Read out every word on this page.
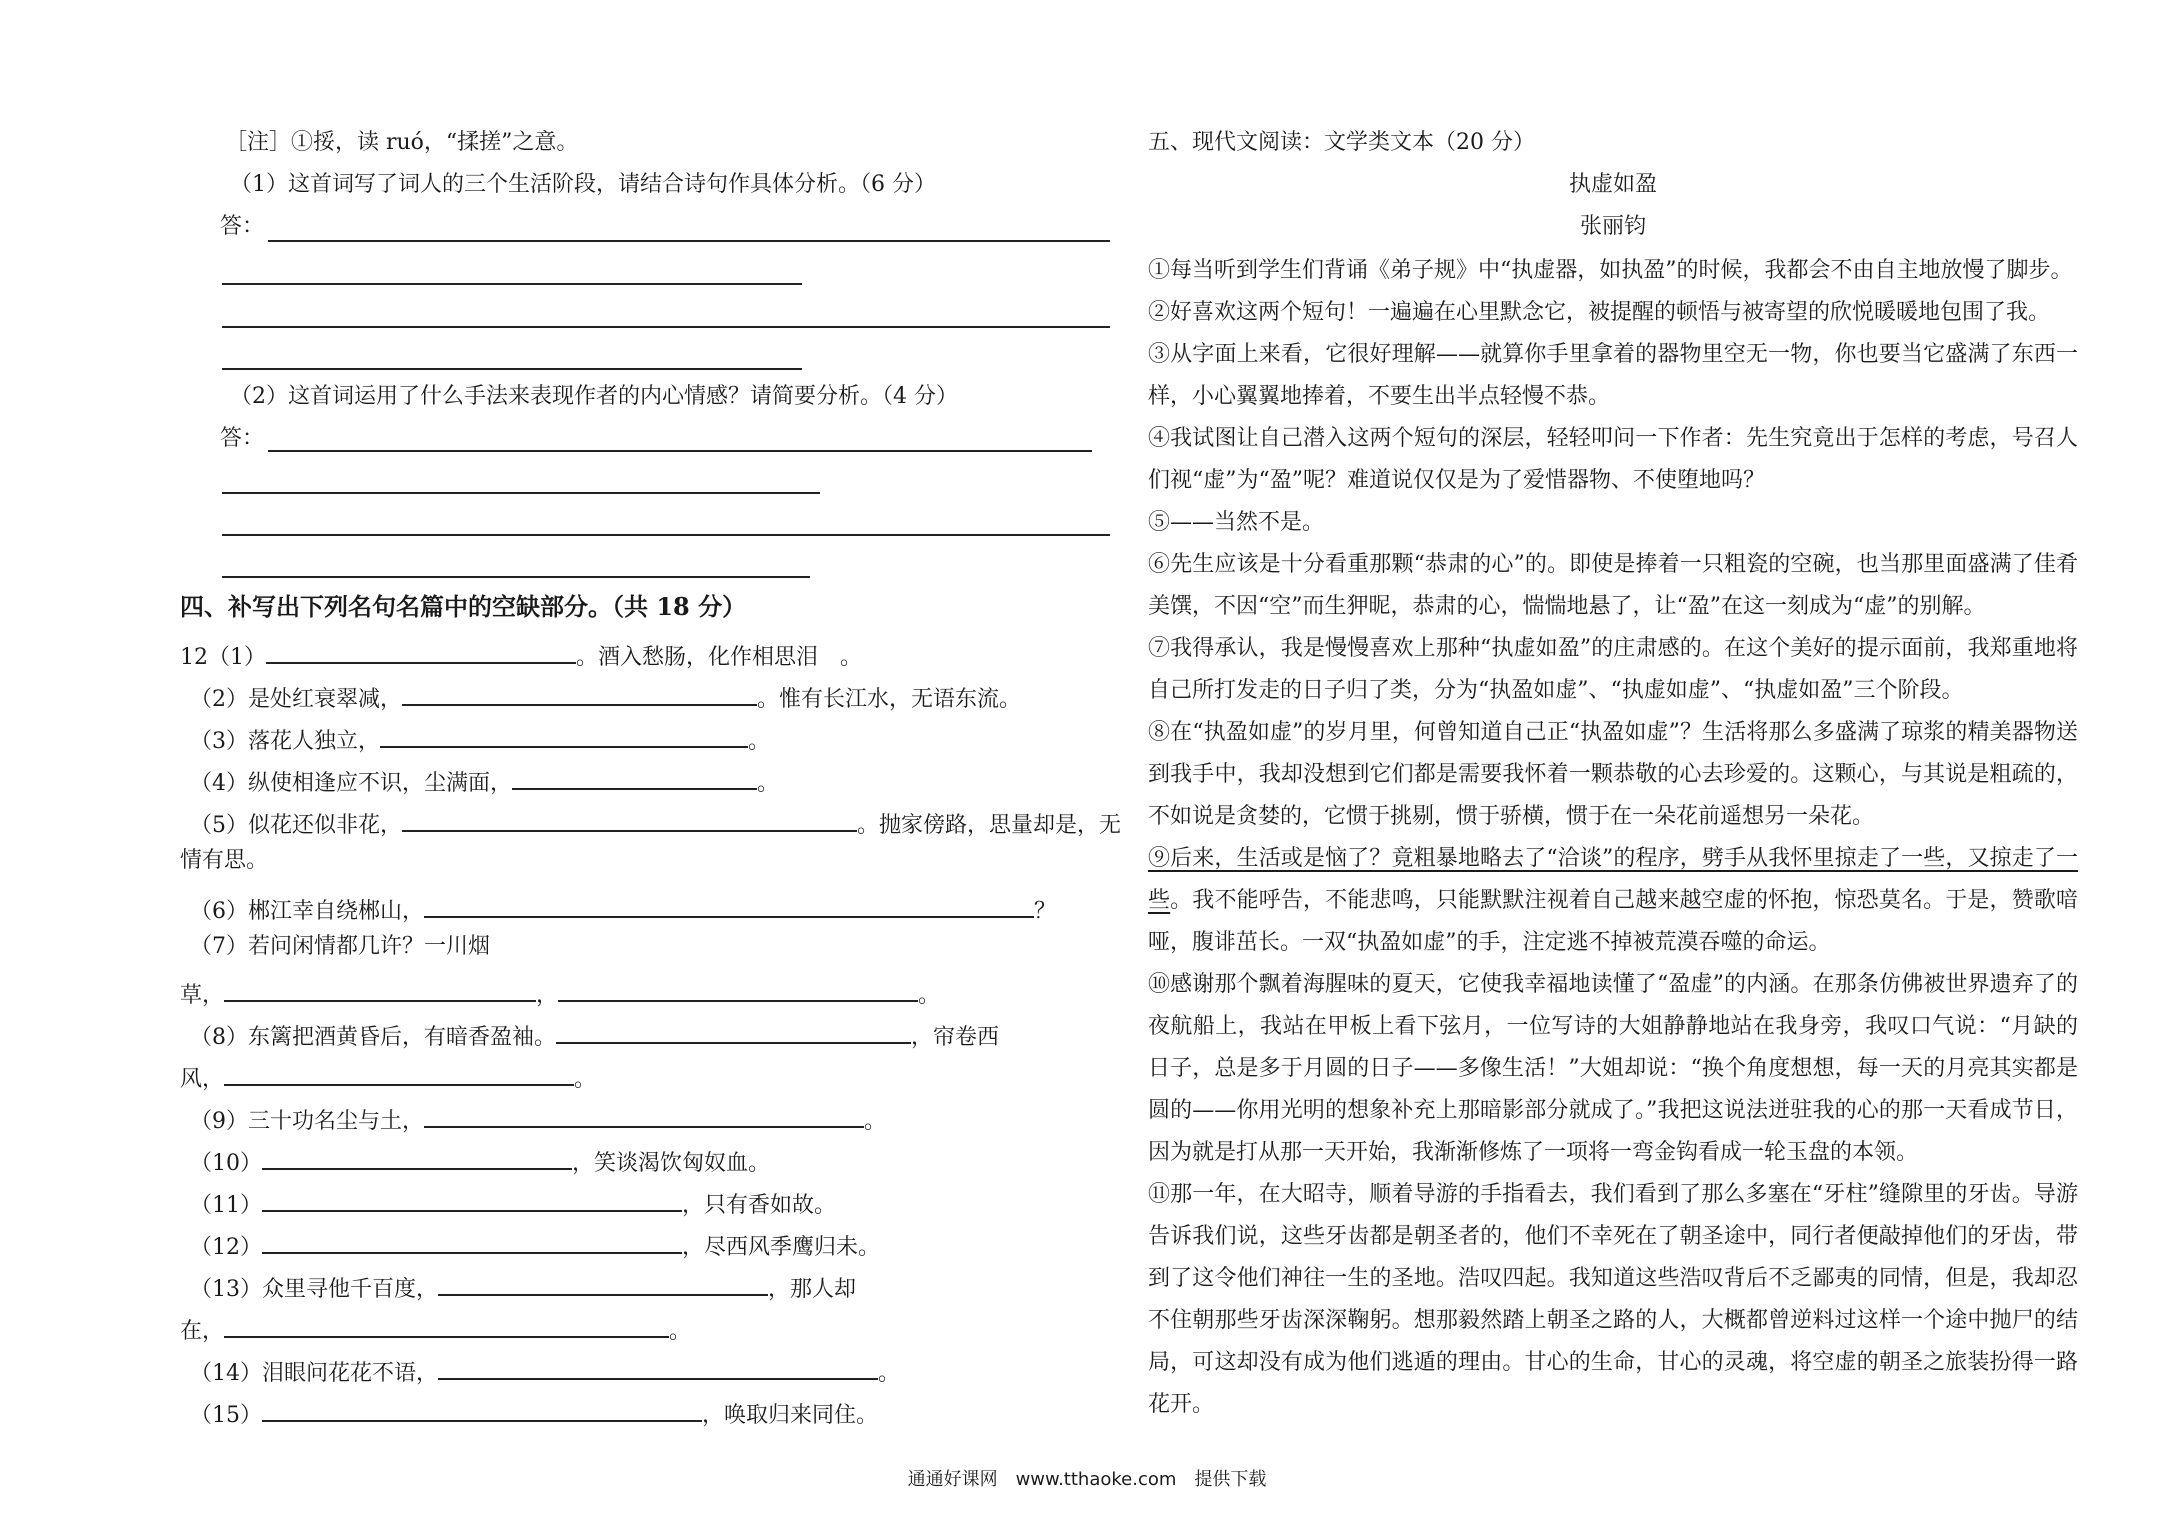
［注］①挼，读 ruó，“揉搓”之意。
（1）这首词写了词人的三个生活阶段，请结合诗句作具体分析。（6 分）
答：
（2）这首词运用了什么手法来表现作者的内心情感？请简要分析。（4 分）
答：
四、补写出下列名句名篇中的空缺部分。（共 18 分）
12（1）	。酒入愁肠，化作相思泪　。
（2）是处红衰翠减，	。惟有长江水，无语东流。
（3）落花人独立，	。
（4）纵使相逢应不识，尘满面，	。
（5）似花还似非花，	。抛家傍路，思量却是，无
情有思。
（6）郴江幸自绕郴山，	？
（7）若问闲情都几许？一川烟
草，	，	。
（8）东篱把酒黄昏后，有暗香盈袖。	，帘卷西
风，	。
（9）三十功名尘与土，	。
（10）	，笑谈渴饮匈奴血。
（11）	，只有香如故。
（12）	，尽西风季鹰归未。
（13）众里寻他千百度，	，那人却
在，	。
（14）泪眼问花花不语，	。
（15）	，唤取归来同住。
五、现代文阅读：文学类文本（20 分）
执虚如盈
张丽钧
①每当听到学生们背诵《弟子规》中“执虚器，如执盈”的时候，我都会不由自主地放慢了脚步。
②好喜欢这两个短句！一遍遍在心里默念它，被提醒的顿悟与被寄望的欣悦暖暖地包围了我。
③从字面上来看，它很好理解——就算你手里拿着的器物里空无一物，你也要当它盛满了东西一样，小心翼翼地捧着，不要生出半点轻慢不恭。
④我试图让自己潜入这两个短句的深层，轻轻叩问一下作者：先生究竟出于怎样的考虑，号召人们视“虚”为“盈”呢？难道说仅仅是为了爱惜器物、不使堕地吗？
⑤——当然不是。
⑥先生应该是十分看重那颗“恭肃的心”的。即使是捧着一只粗瓷的空碗，也当那里面盛满了佳肴美馔，不因“空”而生狎昵，恭肃的心，惴惴地悬了，让“盈”在这一刻成为“虚”的别解。
⑦我得承认，我是慢慢喜欢上那种“执虚如盈”的庄肃感的。在这个美好的提示面前，我郑重地将自己所打发走的日子归了类，分为“执盈如虚”、“执虚如虚”、“执虚如盈”三个阶段。
⑧在“执盈如虚”的岁月里，何曾知道自己正“执盈如虚”？生活将那么多盛满了琼浆的精美器物送到我手中，我却没想到它们都是需要我怀着一颗恭敬的心去珍爱的。这颗心，与其说是粗疏的，不如说是贪婪的，它惯于挑剔，惯于骄横，惯于在一朵花前遥想另一朵花。
⑨后来，生活或是恼了？竟粗暴地略去了“洽谈”的程序，劈手从我怀里掠走了一些，又掠走了一些。我不能呼告，不能悲鸣，只能默默注视着自己越来越空虚的怀抱，惊恐莫名。于是，赞歌喑哑，腹诽茁长。一双“执盈如虚”的手，注定逃不掉被荒漠吞噬的命运。
⑩感谢那个飘着海腥味的夏天，它使我幸福地读懂了“盈虚”的内涵。在那条仿佛被世界遗弃了的夜航船上，我站在甲板上看下弦月，一位写诗的大姐静静地站在我身旁，我叹口气说：“月缺的日子，总是多于月圆的日子——多像生活！”大姐却说：“换个角度想想，每一天的月亮其实都是圆的——你用光明的想象补充上那暗影部分就成了。”我把这说法迸驻我的心的那一天看成节日，因为就是打从那一天开始，我渐渐修炼了一项将一弯金钩看成一轮玉盘的本领。
⑪那一年，在大昭寺，顺着导游的手指看去，我们看到了那么多塞在“牙柱”缝隙里的牙齿。导游告诉我们说，这些牙齿都是朝圣者的，他们不幸死在了朝圣途中，同行者便敲掉他们的牙齿，带到了这令他们神往一生的圣地。浩叹四起。我知道这些浩叹背后不乏鄙夷的同情，但是，我却忍不住朝那些牙齿深深鞠躬。想那毅然踏上朝圣之路的人，大概都曾逆料过这样一个途中抛尸的结局，可这却没有成为他们逃遁的理由。甘心的生命，甘心的灵魂，将空虚的朝圣之旅装扮得一路花开。
通通好课网　www.tthaoke.com　提供下载
